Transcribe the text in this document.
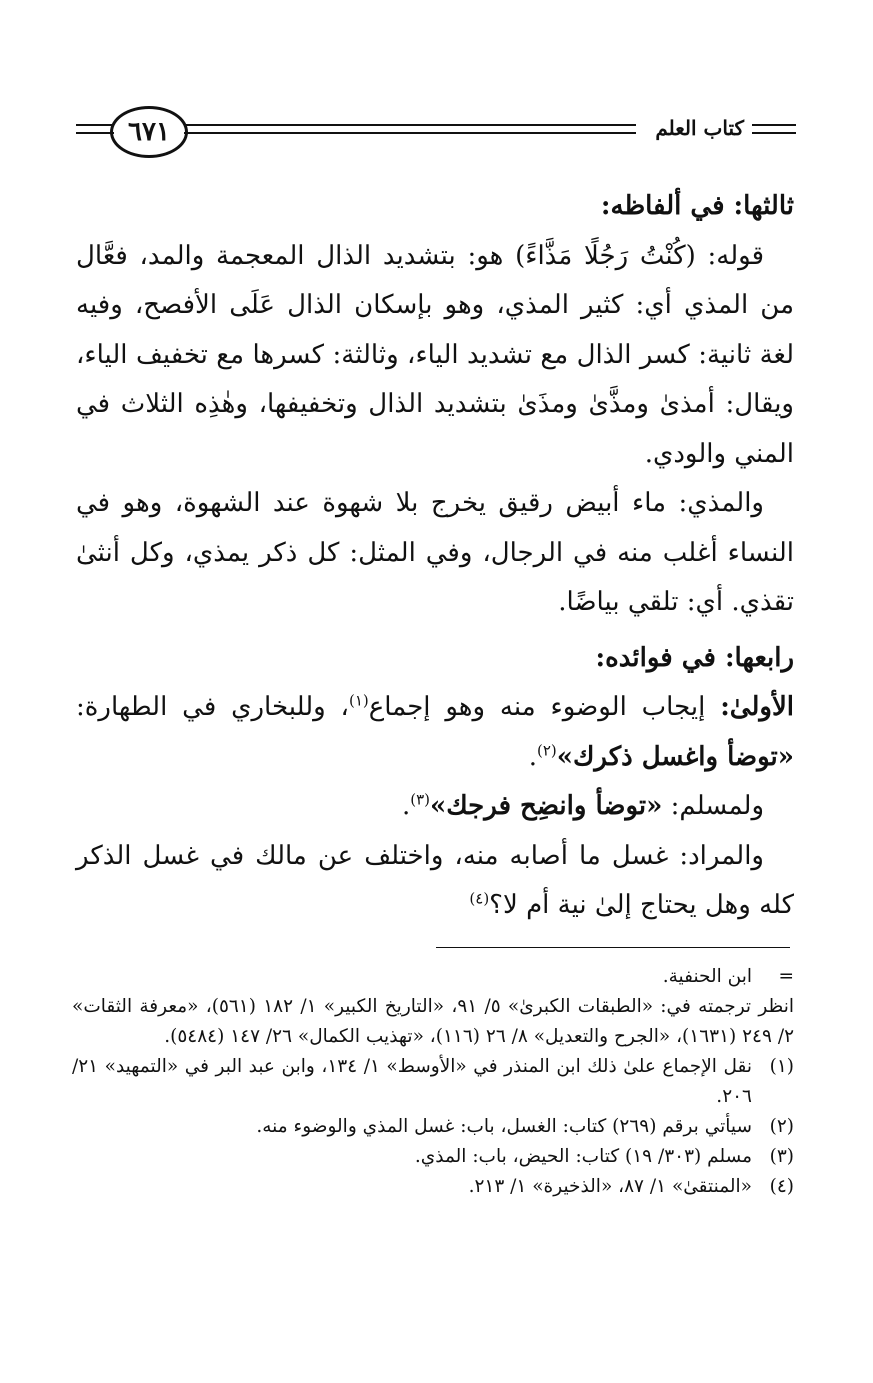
٦٧١	كتاب العلم

ثالثها: في ألفاظه:

قوله: (كُنْتُ رَجُلًا مَذَّاءً) هو: بتشديد الذال المعجمة والمد، فعَّال من المذي أي: كثير المذي، وهو بإسكان الذال عَلَى الأفصح، وفيه لغة ثانية: كسر الذال مع تشديد الياء، وثالثة: كسرها مع تخفيف الياء، ويقال: أمذىٰ ومذَّىٰ ومذَىٰ بتشديد الذال وتخفيفها، وهٰذِه الثلاث في المني والودي.

والمذي: ماء أبيض رقيق يخرج بلا شهوة عند الشهوة، وهو في النساء أغلب منه في الرجال، وفي المثل: كل ذكر يمذي، وكل أنثىٰ تقذي. أي: تلقي بياضًا.

رابعها: في فوائده:

الأولىٰ: إيجاب الوضوء منه وهو إجماع$^{(١)}$، وللبخاري في الطهارة: «توضأ واغسل ذكرك»$^{(٢)}$.

ولمسلم: «توضأ وانضِح فرجك»$^{(٣)}$.

والمراد: غسل ما أصابه منه، واختلف عن مالك في غسل الذكر كله وهل يحتاج إلىٰ نية أم لا؟$^{(٤)}$

=
ابن الحنفية.
انظر ترجمته في: «الطبقات الكبرىٰ» ٥/ ٩١، «التاريخ الكبير» ١/ ١٨٢ (٥٦١)، «معرفة الثقات» ٢/ ٢٤٩ (١٦٣١)، «الجرح والتعديل» ٨/ ٢٦ (١١٦)، «تهذيب الكمال» ٢٦/ ١٤٧ (٥٤٨٤).
(١)
نقل الإجماع علىٰ ذلك ابن المنذر في «الأوسط» ١/ ١٣٤، وابن عبد البر في «التمهيد» ٢١/ ٢٠٦.
(٢)
سيأتي برقم (٢٦٩) كتاب: الغسل، باب: غسل المذي والوضوء منه.
(٣)
مسلم (٣٠٣/ ١٩) كتاب: الحيض، باب: المذي.
(٤)
«المنتقىٰ» ١/ ٨٧، «الذخيرة» ١/ ٢١٣.
